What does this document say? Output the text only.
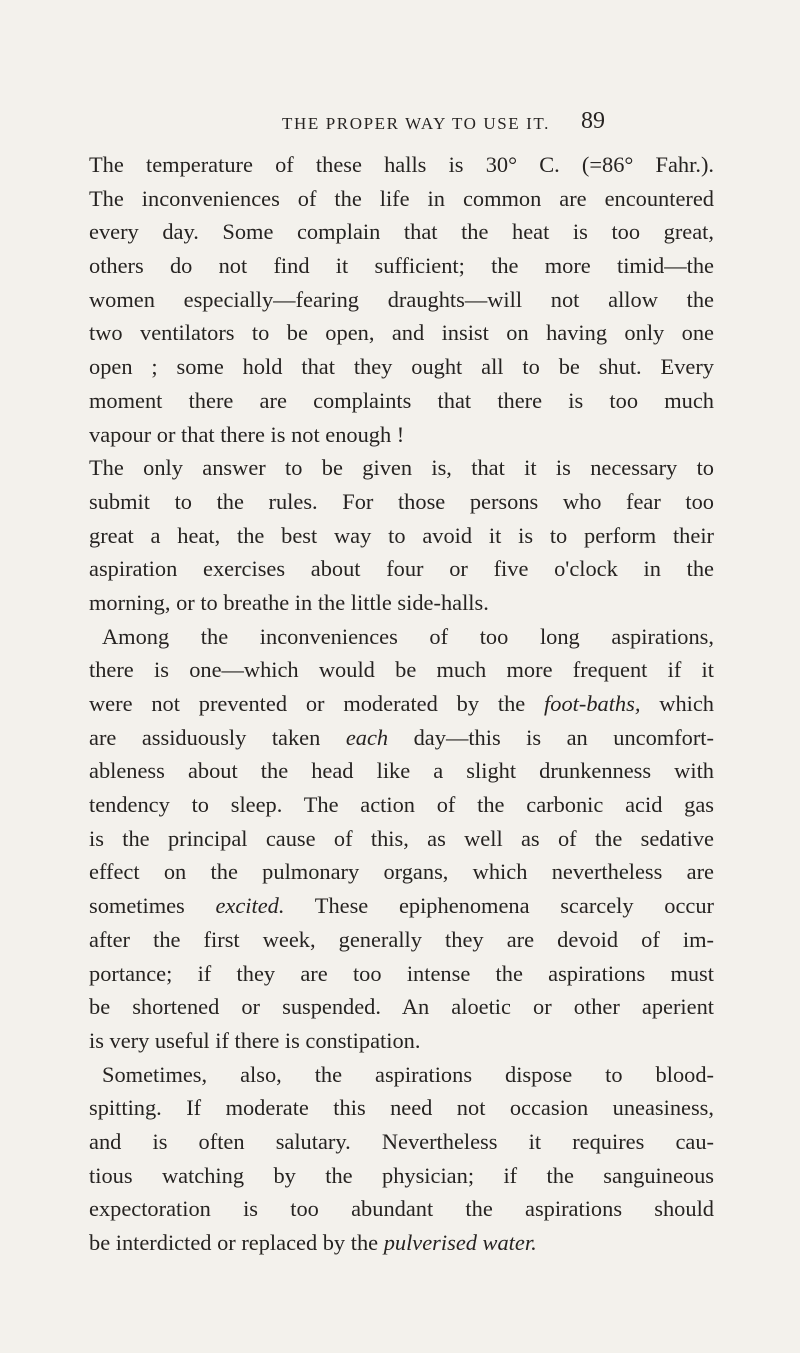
THE PROPER WAY TO USE IT. 89
The temperature of these halls is 30° C. (=86° Fahr.).
The inconveniences of the life in common are encountered
every day. Some complain that the heat is too great,
others do not find it sufficient; the more timid—the
women especially—fearing draughts—will not allow the
two ventilators to be open, and insist on having only one
open ; some hold that they ought all to be shut. Every
moment there are complaints that there is too much
vapour or that there is not enough !
The only answer to be given is, that it is necessary to
submit to the rules. For those persons who fear too
great a heat, the best way to avoid it is to perform their
aspiration exercises about four or five o'clock in the
morning, or to breathe in the little side-halls.
Among the inconveniences of too long aspirations,
there is one—which would be much more frequent if it
were not prevented or moderated by the foot-baths, which
are assiduously taken each day—this is an uncomfort-
ableness about the head like a slight drunkenness with
tendency to sleep. The action of the carbonic acid gas
is the principal cause of this, as well as of the sedative
effect on the pulmonary organs, which nevertheless are
sometimes excited. These epiphenomena scarcely occur
after the first week, generally they are devoid of im-
portance; if they are too intense the aspirations must
be shortened or suspended. An aloetic or other aperient
is very useful if there is constipation.
Sometimes, also, the aspirations dispose to blood-
spitting. If moderate this need not occasion uneasiness,
and is often salutary. Nevertheless it requires cau-
tious watching by the physician; if the sanguineous
expectoration is too abundant the aspirations should
be interdicted or replaced by the pulverised water.
